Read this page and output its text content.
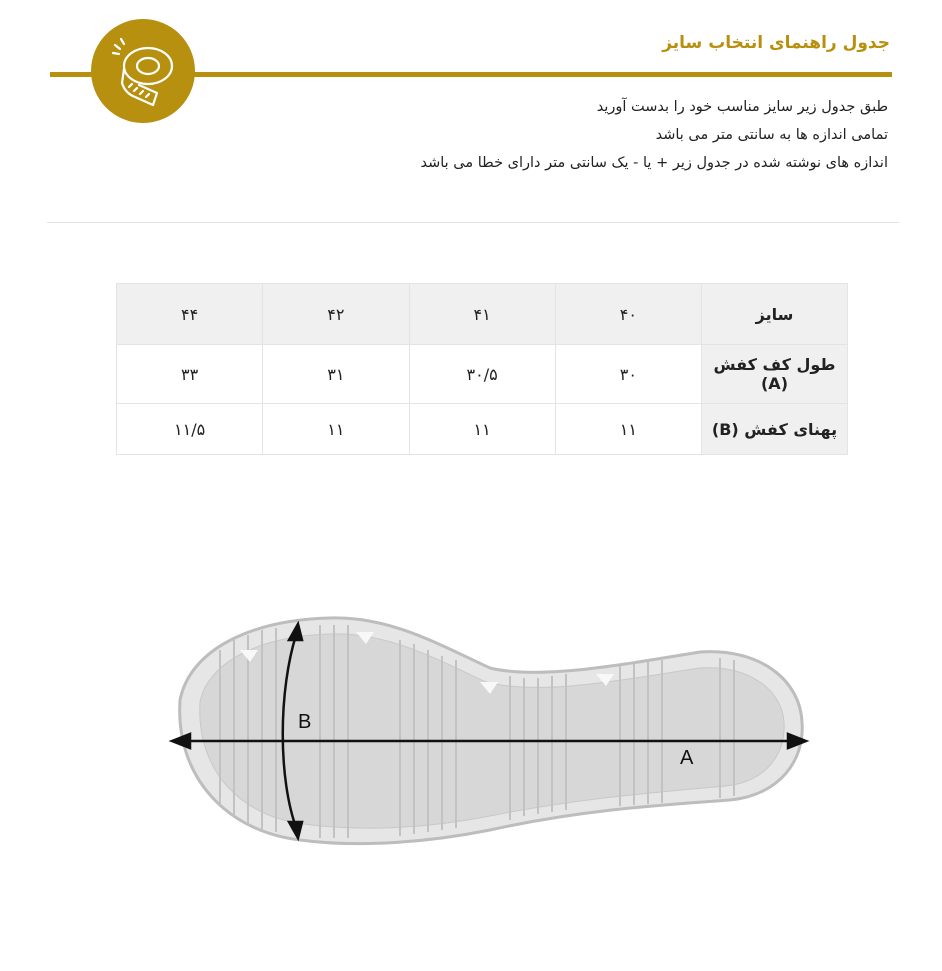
جدول راهنمای انتخاب سایز
طبق جدول زیر سایز مناسب خود را بدست آورید
تمامی اندازه ها به سانتی متر می باشد
اندازه های نوشته شده در جدول زیر + یا - یک سانتی متر دارای خطا می باشد
سایز	۴۰	۴۱	۴۲	۴۴
طول کف کفش (A)	۳۰	۳۰/۵	۳۱	۳۳
پهنای کفش (B)	۱۱	۱۱	۱۱	۱۱/۵
B
A
